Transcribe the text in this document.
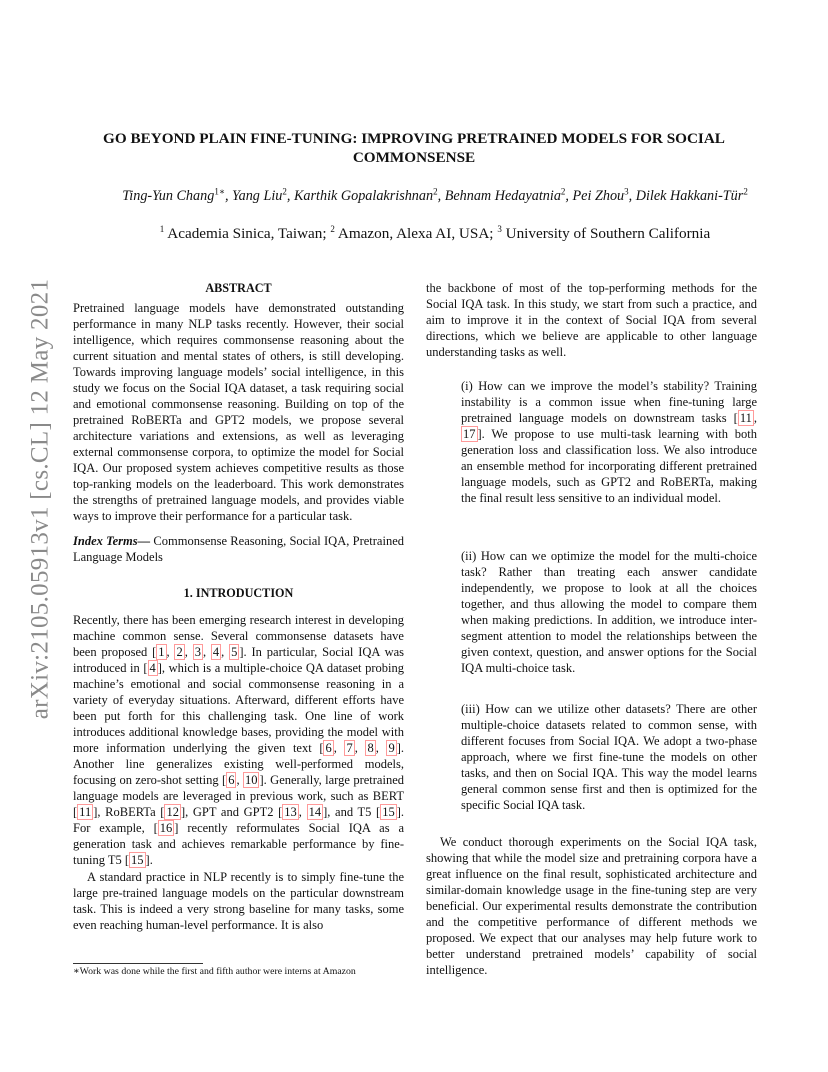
arXiv:2105.05913v1 [cs.CL] 12 May 2021
GO BEYOND PLAIN FINE-TUNING: IMPROVING PRETRAINED MODELS FOR SOCIAL COMMONSENSE
Ting-Yun Chang$^{1∗}$, Yang Liu$^2$, Karthik Gopalakrishnan$^2$, Behnam Hedayatnia$^2$, Pei Zhou$^3$, Dilek Hakkani-Tür$^2$
$^1$ Academia Sinica, Taiwan; $^2$ Amazon, Alexa AI, USA; $^3$ University of Southern California

ABSTRACT

Pretrained language models have demonstrated outstanding performance in many NLP tasks recently. However, their social intelligence, which requires commonsense reasoning about the current situation and mental states of others, is still developing. Towards improving language models’ social intelligence, in this study we focus on the Social IQA dataset, a task requiring social and emotional commonsense reasoning. Building on top of the pretrained RoBERTa and GPT2 models, we propose several architecture variations and extensions, as well as leveraging external commonsense corpora, to optimize the model for Social IQA. Our proposed system achieves competitive results as those top-ranking models on the leaderboard. This work demonstrates the strengths of pretrained language models, and provides viable ways to improve their performance for a particular task.

Index Terms— Commonsense Reasoning, Social IQA, Pretrained Language Models

1. INTRODUCTION

Recently, there has been emerging research interest in developing machine common sense. Several commonsense datasets have been proposed [ 1 , 2 , 3 , 4 , 5 ]. In particular, Social IQA was introduced in [ 4 ], which is a multiple-choice QA dataset probing machine’s emotional and social commonsense reasoning in a variety of everyday situations. Afterward, different efforts have been put forth for this challenging task. One line of work introduces additional knowledge bases, providing the model with more information underlying the given text [ 6 , 7 , 8 , 9 ]. Another line generalizes existing well-performed models, focusing on zero-shot setting [ 6 , 10 ]. Generally, large pretrained language models are leveraged in previous work, such as BERT [ 11 ], RoBERTa [ 12 ], GPT and GPT2 [ 13 , 14 ], and T5 [ 15 ]. For example, [ 16 ] recently reformulates Social IQA as a generation task and achieves remarkable performance by fine-tuning T5 [ 15 ].

A standard practice in NLP recently is to simply fine-tune the large pre-trained language models on the particular downstream task. This is indeed a very strong baseline for many tasks, some even reaching human-level performance. It is also

∗Work was done while the first and fifth author were interns at Amazon

the backbone of most of the top-performing methods for the Social IQA task. In this study, we start from such a practice, and aim to improve it in the context of Social IQA from several directions, which we believe are applicable to other language understanding tasks as well.

(i) How can we improve the model’s stability? Training instability is a common issue when fine-tuning large pretrained language models on downstream tasks [ 11 , 17 ]. We propose to use multi-task learning with both generation loss and classification loss. We also introduce an ensemble method for incorporating different pretrained language models, such as GPT2 and RoBERTa, making the final result less sensitive to an individual model.
(ii) How can we optimize the model for the multi-choice task? Rather than treating each answer candidate independently, we propose to look at all the choices together, and thus allowing the model to compare them when making predictions. In addition, we introduce inter-segment attention to model the relationships between the given context, question, and answer options for the Social IQA multi-choice task.
(iii) How can we utilize other datasets? There are other multiple-choice datasets related to common sense, with different focuses from Social IQA. We adopt a two-phase approach, where we first fine-tune the models on other tasks, and then on Social IQA. This way the model learns general common sense first and then is optimized for the specific Social IQA task.
We conduct thorough experiments on the Social IQA task, showing that while the model size and pretraining corpora have a great influence on the final result, sophisticated architecture and similar-domain knowledge usage in the fine-tuning step are very beneficial. Our experimental results demonstrate the contribution and the competitive performance of different methods we proposed. We expect that our analyses may help future work to better understand pretrained models’ capability of social intelligence.
